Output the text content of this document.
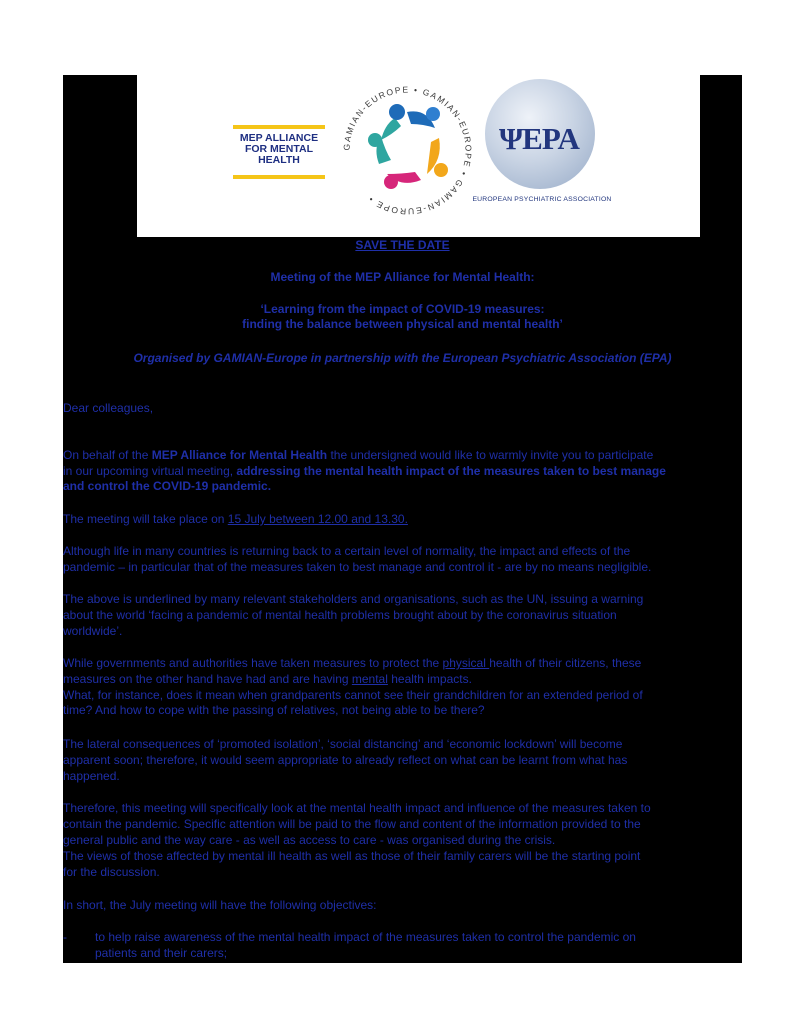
MEP ALLIANCE
FOR MENTAL
HEALTH
GAMIAN-EUROPE • GAMIAN-EUROPE • GAMIAN-EUROPE •
ΨEPA
EUROPEAN PSYCHIATRIC ASSOCIATION
SAVE THE DATE
Meeting of the MEP Alliance for Mental Health:
‘Learning from the impact of COVID-19 measures:
finding the balance between physical and mental health’
Organised by GAMIAN-Europe in partnership with the European Psychiatric Association (EPA)
Dear colleagues,
On behalf of the MEP Alliance for Mental Health the undersigned would like to warmly invite you to participate
in our upcoming virtual meeting, addressing the mental health impact of the measures taken to best manage
and control the COVID-19 pandemic.
The meeting will take place on 15 July between 12.00 and 13.30.
Although life in many countries is returning back to a certain level of normality, the impact and effects of the
pandemic – in particular that of the measures taken to best manage and control it - are by no means negligible.
The above is underlined by many relevant stakeholders and organisations, such as the UN, issuing a warning
about the world ‘facing a pandemic of mental health problems brought about by the coronavirus situation
worldwide’.
While governments and authorities have taken measures to protect the physical health of their citizens, these
measures on the other hand have had and are having mental health impacts.
What, for instance, does it mean when grandparents cannot see their grandchildren for an extended period of
time? And how to cope with the passing of relatives, not being able to be there?
The lateral consequences of ‘promoted isolation’, ‘social distancing’ and ‘economic lockdown’ will become
apparent soon; therefore, it would seem appropriate to already reflect on what can be learnt from what has
happened.
Therefore, this meeting will specifically look at the mental health impact and influence of the measures taken to
contain the pandemic. Specific attention will be paid to the flow and content of the information provided to the
general public and the way care - as well as access to care - was organised during the crisis.
The views of those affected by mental ill health as well as those of their family carers will be the starting point
for the discussion.
In short, the July meeting will have the following objectives:
- to help raise awareness of the mental health impact of the measures taken to control the pandemic on
patients and their carers;
